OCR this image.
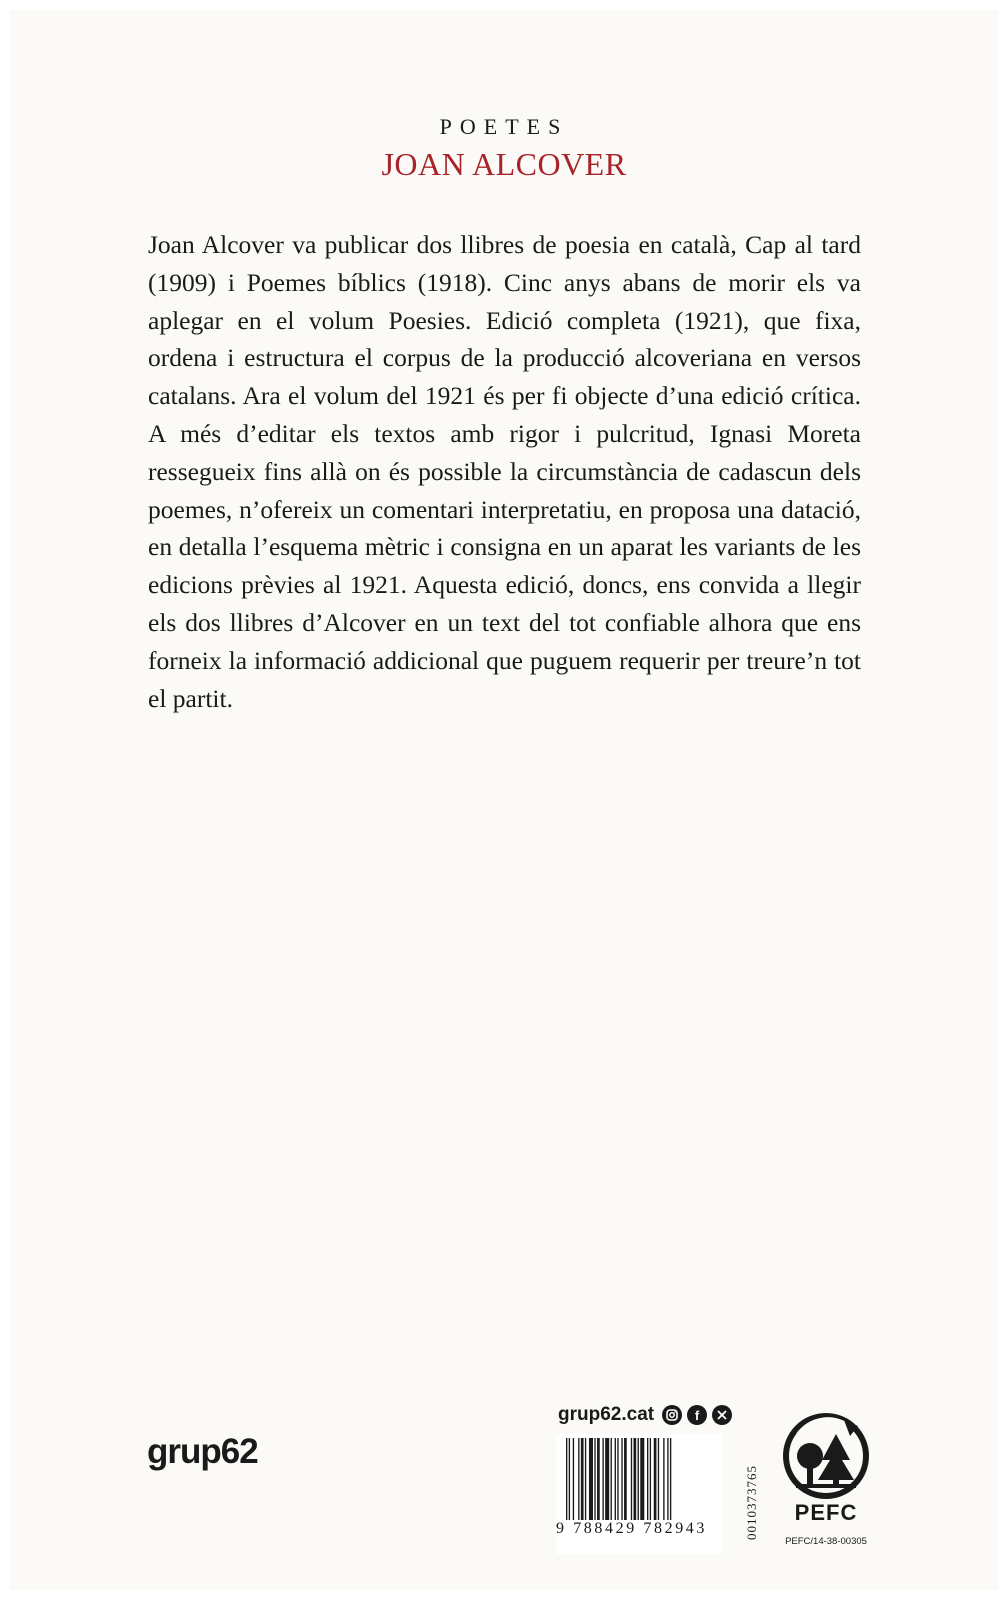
POETES
JOAN ALCOVER

Joan Alcover va publicar dos llibres de poesia en català, Cap al tard (1909) i Poemes bíblics (1918). Cinc anys abans de morir els va aplegar en el volum Poesies. Edició completa (1921), que fixa, ordena i estructura el corpus de la producció alcoveriana en versos catalans. Ara el volum del 1921 és per fi objecte d’una edició crítica. A més d’editar els textos amb rigor i pulcritud, Ignasi Moreta ressegueix fins allà on és possible la circumstància de cadascun dels poemes, n’ofereix un comentari interpretatiu, en proposa una datació, en detalla l’esquema mètric i consigna en un aparat les variants de les edicions prèvies al 1921. Aquesta edició, doncs, ens convida a llegir els dos llibres d’Alcover en un text del tot confiable alhora que ens forneix la informació addicional que puguem requerir per treure’n tot el partit.

grup62
grup62.cat	f
9 788429 782943	0010373765	PEFC
PEFC/14-38-00305
